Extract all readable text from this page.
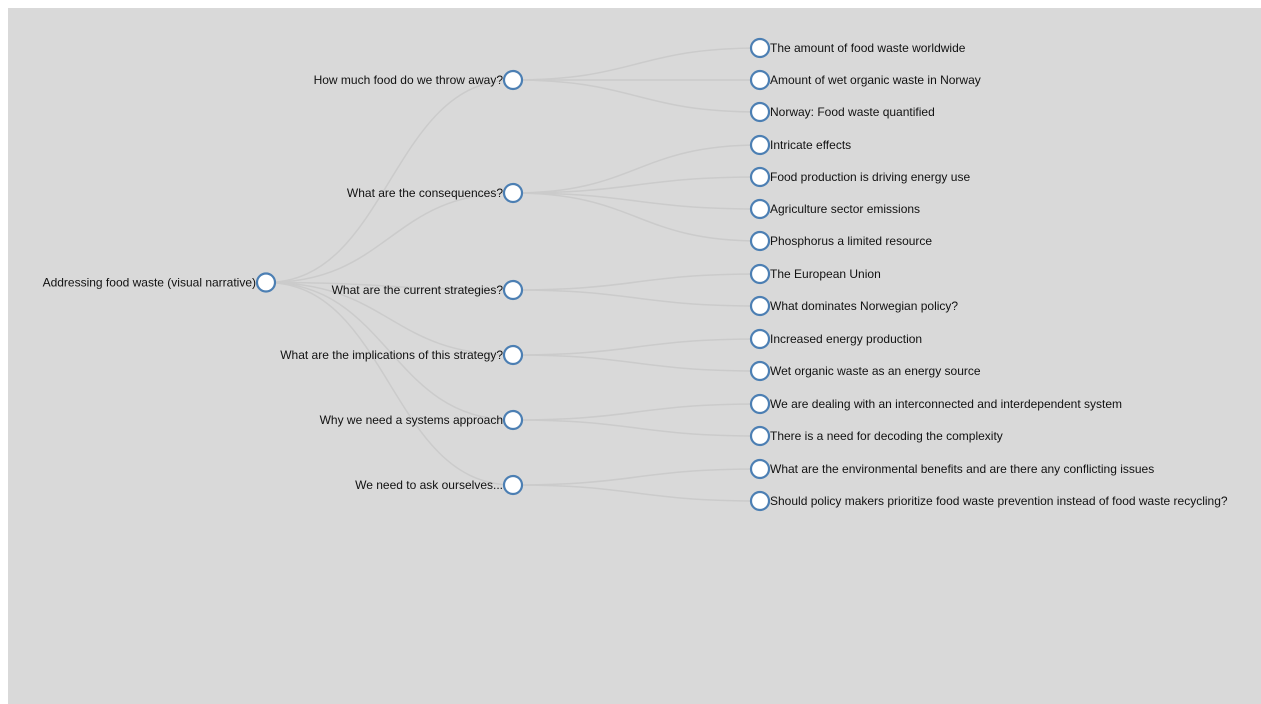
Addressing food waste (visual narrative)
How much food do we throw away?
The amount of food waste worldwide
Amount of wet organic waste in Norway
Norway: Food waste quantified
What are the consequences?
Intricate effects
Food production is driving energy use
Agriculture sector emissions
Phosphorus a limited resource
What are the current strategies?
The European Union
What dominates Norwegian policy?
What are the implications of this strategy?
Increased energy production
Wet organic waste as an energy source
Why we need a systems approach
We are dealing with an interconnected and interdependent system
There is a need for decoding the complexity
We need to ask ourselves...
What are the environmental benefits and are there any conflicting issues
Should policy makers prioritize food waste prevention instead of food waste recycling?
